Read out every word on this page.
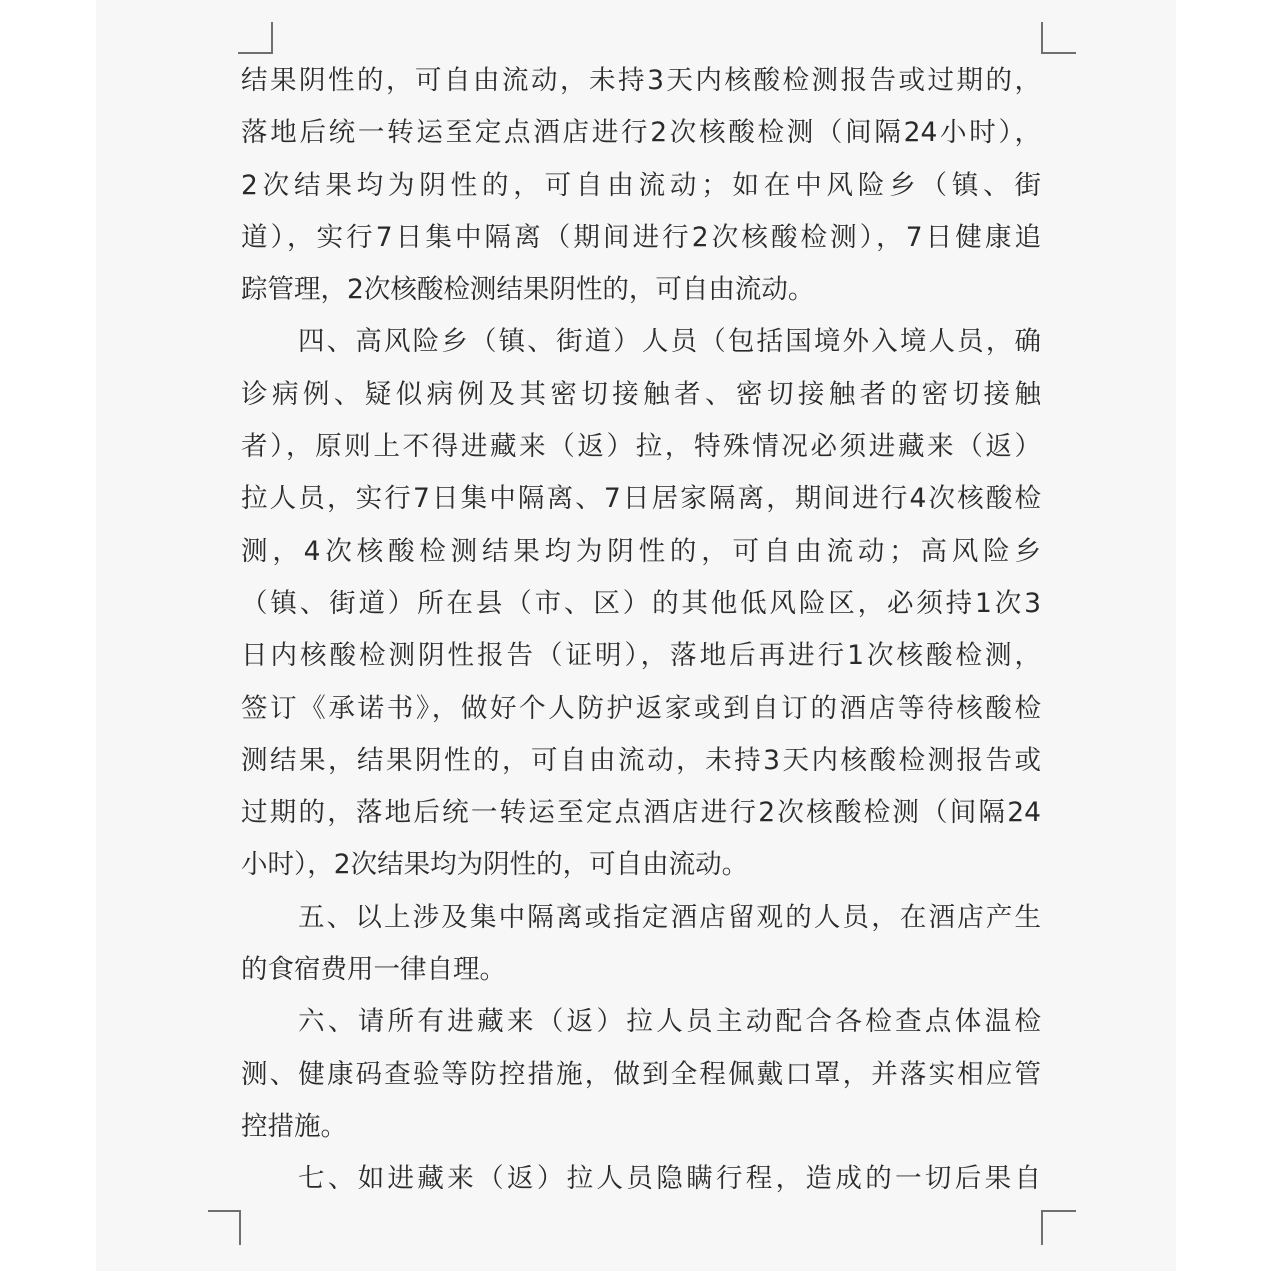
结果阴性的，可自由流动，未持3天内核酸检测报告或过期的，
落地后统一转运至定点酒店进行2次核酸检测（间隔24小时），
2次结果均为阴性的，可自由流动；如在中风险乡（镇、街
道），实行7日集中隔离（期间进行2次核酸检测），7日健康追
踪管理，2次核酸检测结果阴性的，可自由流动。
四、高风险乡（镇、街道）人员（包括国境外入境人员，确
诊病例、疑似病例及其密切接触者、密切接触者的密切接触
者），原则上不得进藏来（返）拉，特殊情况必须进藏来（返）
拉人员，实行7日集中隔离、7日居家隔离，期间进行4次核酸检
测，4次核酸检测结果均为阴性的，可自由流动；高风险乡
（镇、街道）所在县（市、区）的其他低风险区，必须持1次3
日内核酸检测阴性报告（证明），落地后再进行1次核酸检测，
签订《承诺书》，做好个人防护返家或到自订的酒店等待核酸检
测结果，结果阴性的，可自由流动，未持3天内核酸检测报告或
过期的，落地后统一转运至定点酒店进行2次核酸检测（间隔24
小时），2次结果均为阴性的，可自由流动。
五、以上涉及集中隔离或指定酒店留观的人员，在酒店产生
的食宿费用一律自理。
六、请所有进藏来（返）拉人员主动配合各检查点体温检
测、健康码查验等防控措施，做到全程佩戴口罩，并落实相应管
控措施。
七、如进藏来（返）拉人员隐瞒行程，造成的一切后果自
